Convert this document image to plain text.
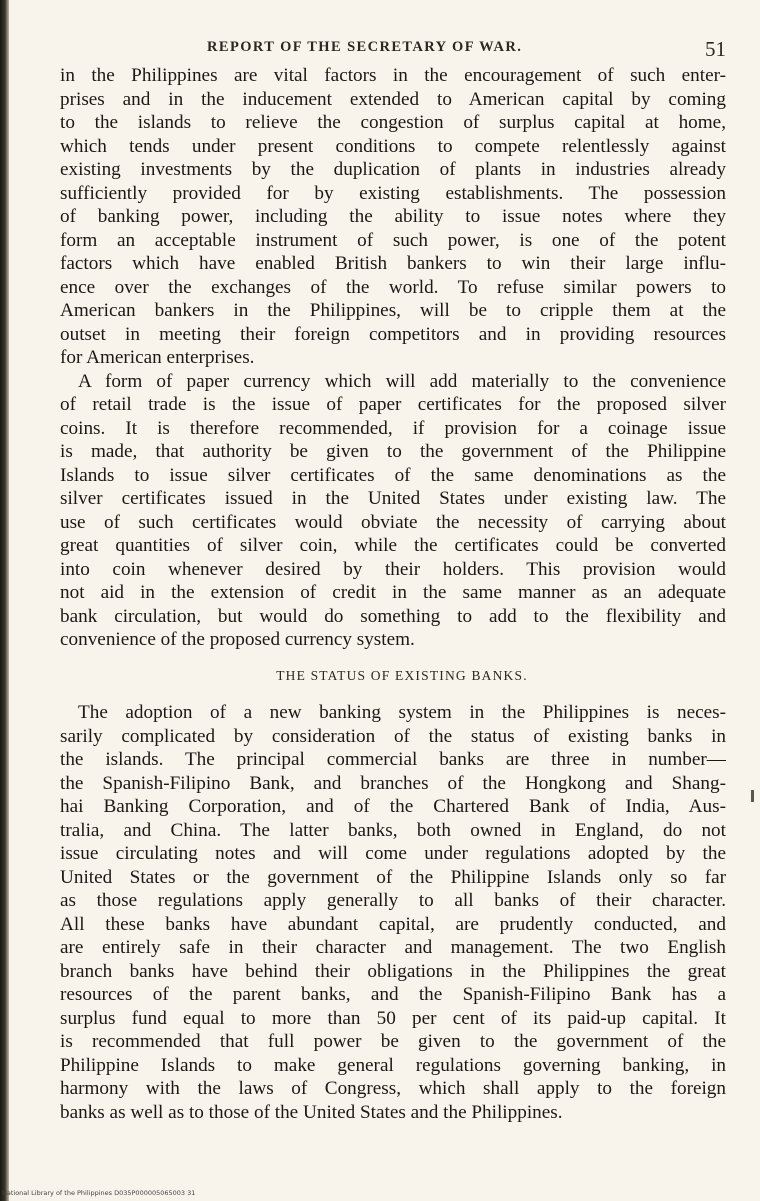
REPORT OF THE SECRETARY OF WAR.	51
in the Philippines are vital factors in the encouragement of such enter-
prises and in the inducement extended to American capital by coming
to the islands to relieve the congestion of surplus capital at home,
which tends under present conditions to compete relentlessly against
existing investments by the duplication of plants in industries already
sufficiently provided for by existing establishments. The possession
of banking power, including the ability to issue notes where they
form an acceptable instrument of such power, is one of the potent
factors which have enabled British bankers to win their large influ-
ence over the exchanges of the world. To refuse similar powers to
American bankers in the Philippines, will be to cripple them at the
outset in meeting their foreign competitors and in providing resources
for American enterprises.
A form of paper currency which will add materially to the convenience
of retail trade is the issue of paper certificates for the proposed silver
coins. It is therefore recommended, if provision for a coinage issue
is made, that authority be given to the government of the Philippine
Islands to issue silver certificates of the same denominations as the
silver certificates issued in the United States under existing law. The
use of such certificates would obviate the necessity of carrying about
great quantities of silver coin, while the certificates could be converted
into coin whenever desired by their holders. This provision would
not aid in the extension of credit in the same manner as an adequate
bank circulation, but would do something to add to the flexibility and
convenience of the proposed currency system.
THE STATUS OF EXISTING BANKS.
The adoption of a new banking system in the Philippines is neces-
sarily complicated by consideration of the status of existing banks in
the islands. The principal commercial banks are three in number—
the Spanish-Filipino Bank, and branches of the Hongkong and Shang-
hai Banking Corporation, and of the Chartered Bank of India, Aus-
tralia, and China. The latter banks, both owned in England, do not
issue circulating notes and will come under regulations adopted by the
United States or the government of the Philippine Islands only so far
as those regulations apply generally to all banks of their character.
All these banks have abundant capital, are prudently conducted, and
are entirely safe in their character and management. The two English
branch banks have behind their obligations in the Philippines the great
resources of the parent banks, and the Spanish-Filipino Bank has a
surplus fund equal to more than 50 per cent of its paid-up capital. It
is recommended that full power be given to the government of the
Philippine Islands to make general regulations governing banking, in
harmony with the laws of Congress, which shall apply to the foreign
banks as well as to those of the United States and the Philippines.
National Library of the Philippines D035P000005065003 31
